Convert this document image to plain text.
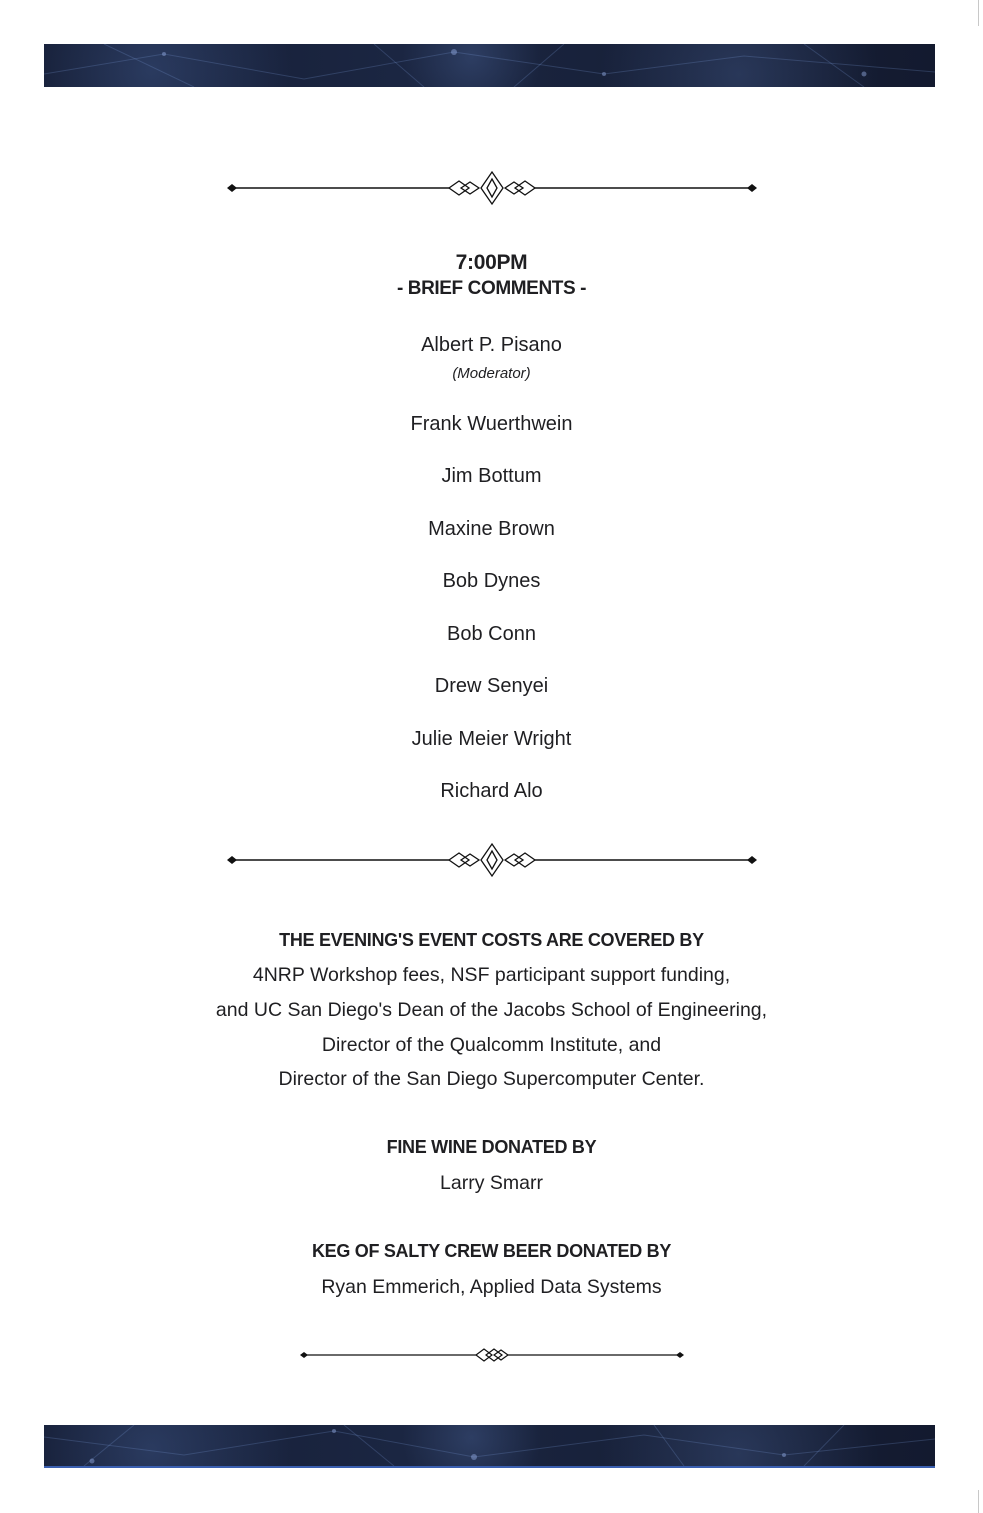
7:00PM
- BRIEF COMMENTS -
Albert P. Pisano
(Moderator)
Frank Wuerthwein
Jim Bottum
Maxine Brown
Bob Dynes
Bob Conn
Drew Senyei
Julie Meier Wright
Richard Alo
THE EVENING'S EVENT COSTS ARE COVERED BY
4NRP Workshop fees, NSF participant support funding,
and UC San Diego's Dean of the Jacobs School of Engineering,
Director of the Qualcomm Institute, and
Director of the San Diego Supercomputer Center.
FINE WINE DONATED BY
Larry Smarr
KEG OF SALTY CREW BEER DONATED BY
Ryan Emmerich, Applied Data Systems
